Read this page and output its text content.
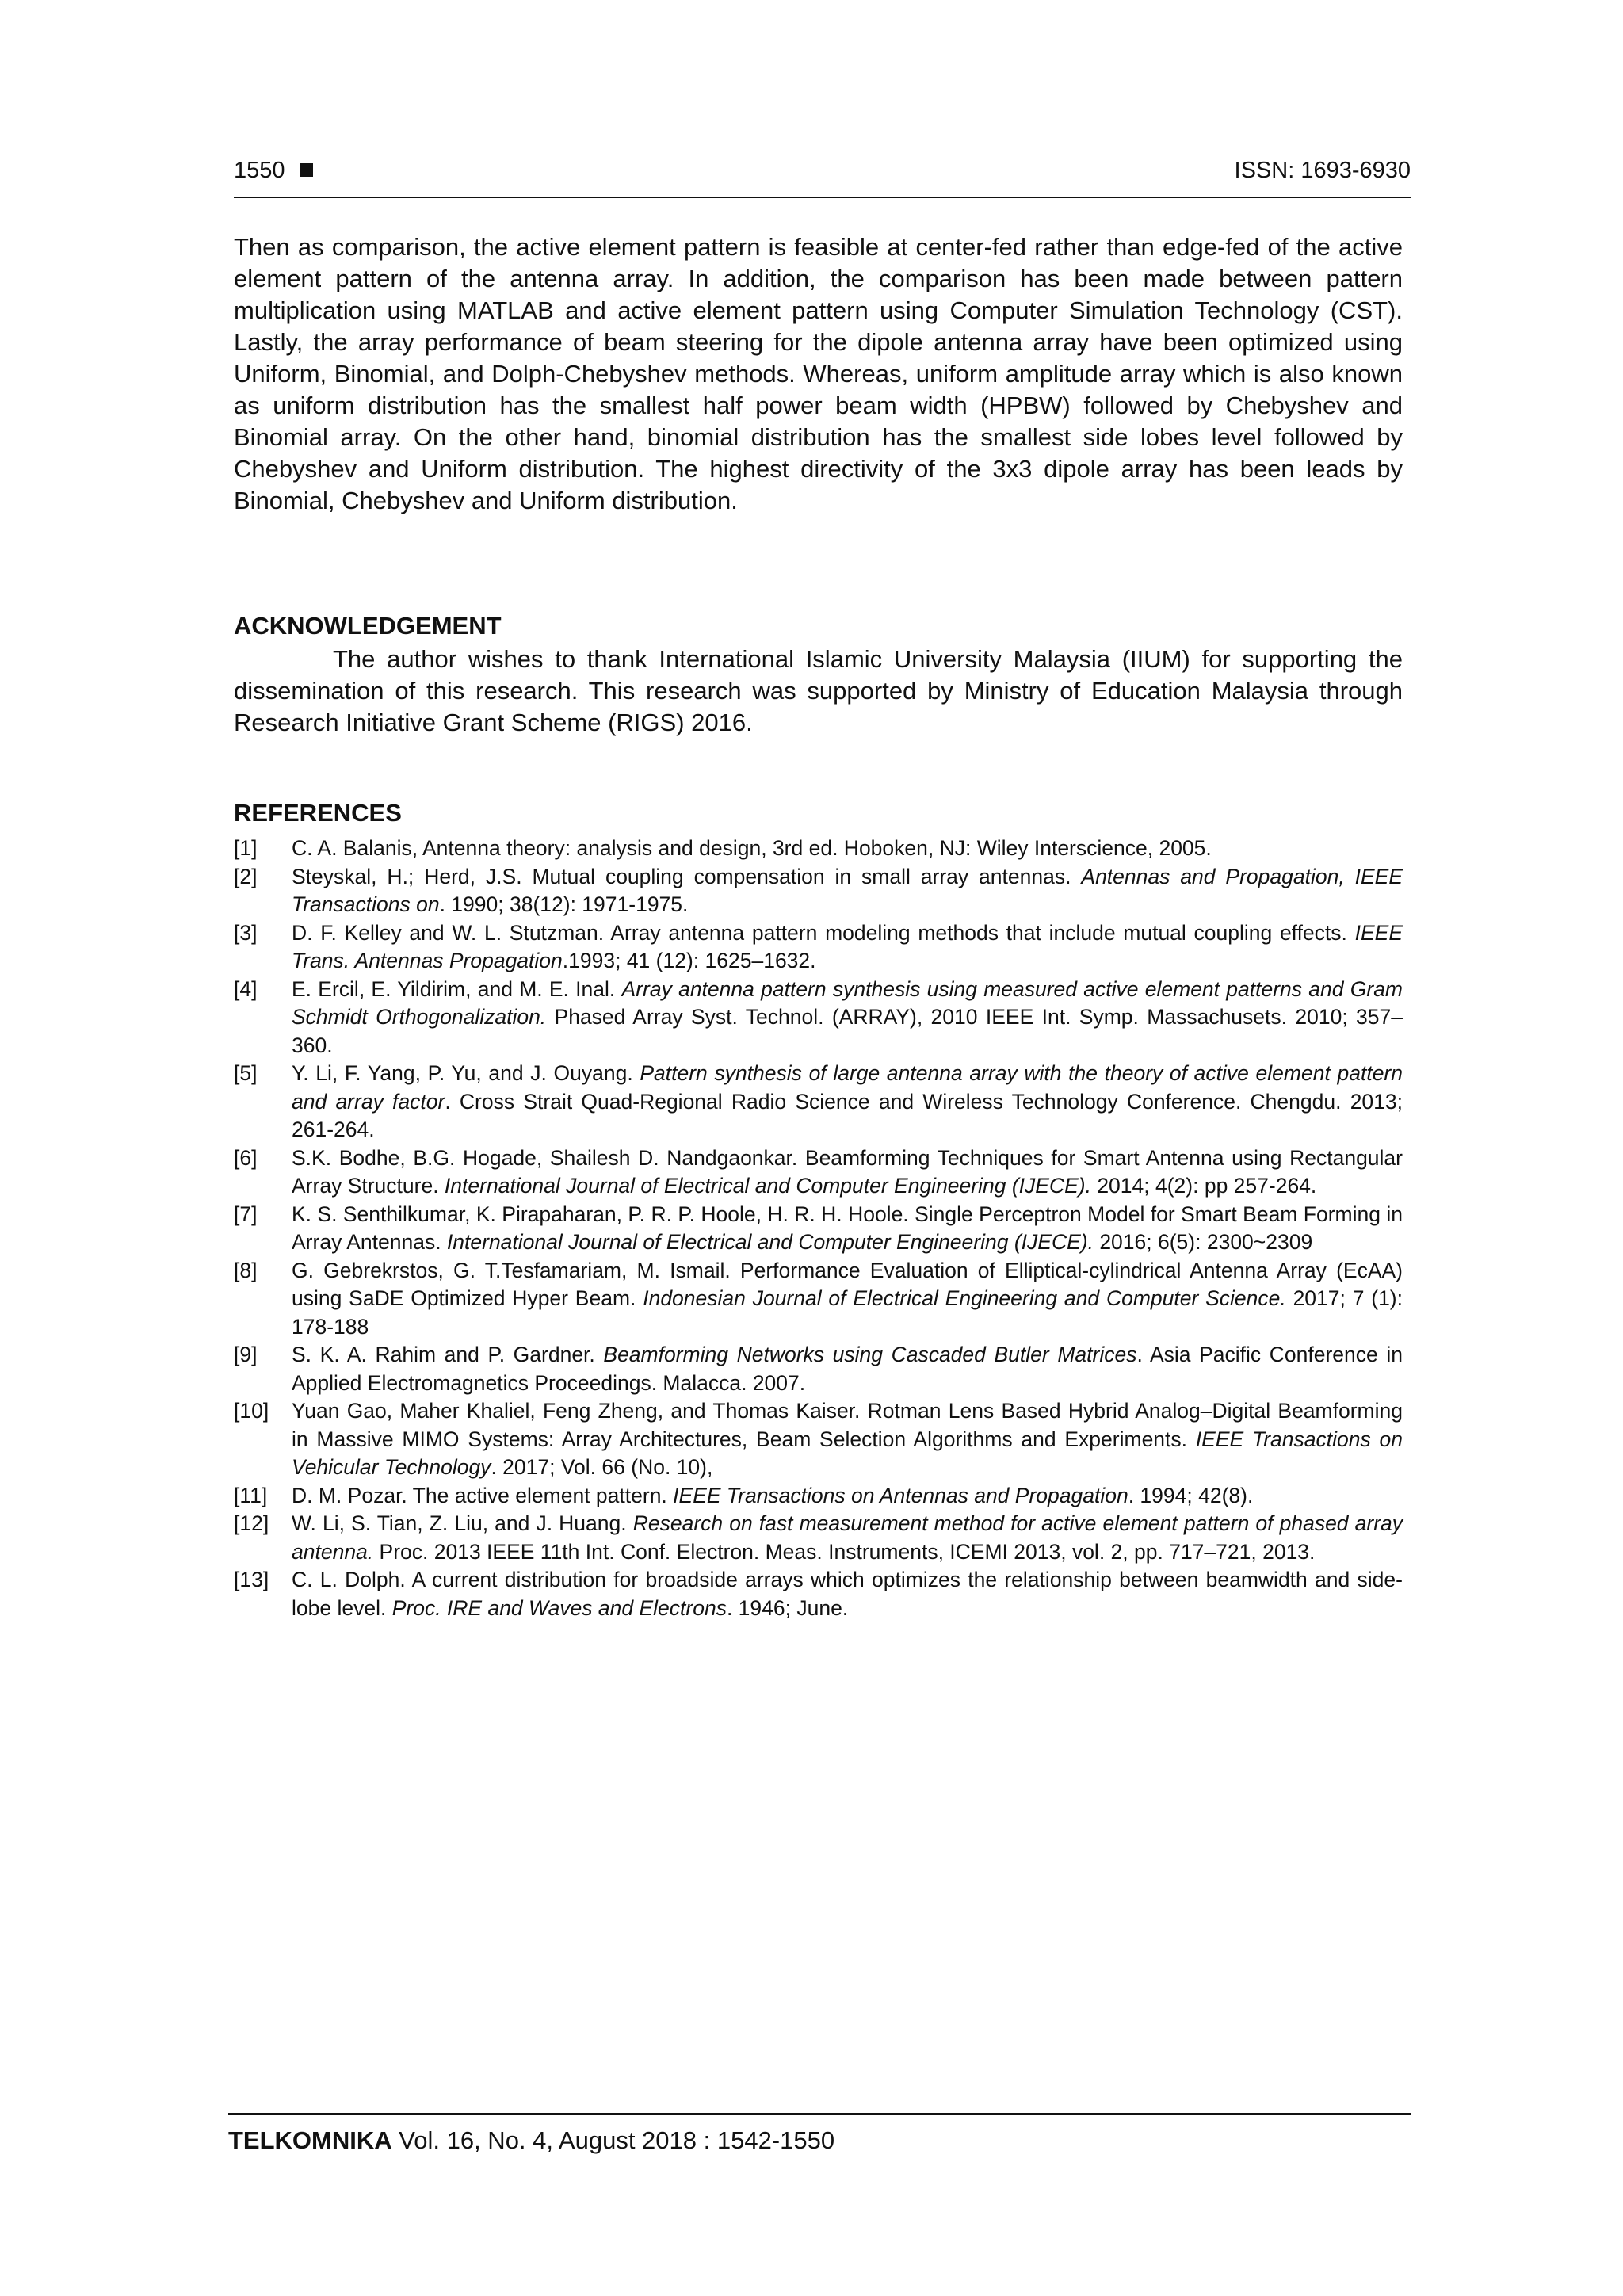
1550	ISSN: 1693-6930

Then as comparison, the active element pattern is feasible at center-fed rather than edge-fed of the active element pattern of the antenna array. In addition, the comparison has been made between pattern multiplication using MATLAB and active element pattern using Computer Simulation Technology (CST). Lastly, the array performance of beam steering for the dipole antenna array have been optimized using Uniform, Binomial, and Dolph-Chebyshev methods. Whereas, uniform amplitude array which is also known as uniform distribution has the smallest half power beam width (HPBW) followed by Chebyshev and Binomial array. On the other hand, binomial distribution has the smallest side lobes level followed by Chebyshev and Uniform distribution. The highest directivity of the 3x3 dipole array has been leads by Binomial, Chebyshev and Uniform distribution.

ACKNOWLEDGEMENT

The author wishes to thank International Islamic University Malaysia (IIUM) for supporting the dissemination of this research. This research was supported by Ministry of Education Malaysia through Research Initiative Grant Scheme (RIGS) 2016.

REFERENCES
[1] C. A. Balanis, Antenna theory: analysis and design, 3rd ed. Hoboken, NJ: Wiley Interscience, 2005.
[2] Steyskal, H.; Herd, J.S. Mutual coupling compensation in small array antennas. Antennas and Propagation, IEEE Transactions on. 1990; 38(12): 1971-1975.
[3] D. F. Kelley and W. L. Stutzman. Array antenna pattern modeling methods that include mutual coupling effects. IEEE Trans. Antennas Propagation.1993; 41 (12): 1625–1632.
[4] E. Ercil, E. Yildirim, and M. E. Inal. Array antenna pattern synthesis using measured active element patterns and Gram Schmidt Orthogonalization. Phased Array Syst. Technol. (ARRAY), 2010 IEEE Int. Symp. Massachusets. 2010; 357–360.
[5] Y. Li, F. Yang, P. Yu, and J. Ouyang. Pattern synthesis of large antenna array with the theory of active element pattern and array factor. Cross Strait Quad-Regional Radio Science and Wireless Technology Conference. Chengdu. 2013; 261-264.
[6] S.K. Bodhe, B.G. Hogade, Shailesh D. Nandgaonkar. Beamforming Techniques for Smart Antenna using Rectangular Array Structure. International Journal of Electrical and Computer Engineering (IJECE). 2014; 4(2): pp 257-264.
[7] K. S. Senthilkumar, K. Pirapaharan, P. R. P. Hoole, H. R. H. Hoole. Single Perceptron Model for Smart Beam Forming in Array Antennas. International Journal of Electrical and Computer Engineering (IJECE). 2016; 6(5): 2300~2309
[8] G. Gebrekrstos, G. T.Tesfamariam, M. Ismail. Performance Evaluation of Elliptical-cylindrical Antenna Array (EcAA) using SaDE Optimized Hyper Beam. Indonesian Journal of Electrical Engineering and Computer Science. 2017; 7 (1): 178-188
[9] S. K. A. Rahim and P. Gardner. Beamforming Networks using Cascaded Butler Matrices. Asia Pacific Conference in Applied Electromagnetics Proceedings. Malacca. 2007.
[10] Yuan Gao, Maher Khaliel, Feng Zheng, and Thomas Kaiser. Rotman Lens Based Hybrid Analog–Digital Beamforming in Massive MIMO Systems: Array Architectures, Beam Selection Algorithms and Experiments. IEEE Transactions on Vehicular Technology. 2017; Vol. 66 (No. 10),
[11] D. M. Pozar. The active element pattern. IEEE Transactions on Antennas and Propagation. 1994; 42(8).
[12] W. Li, S. Tian, Z. Liu, and J. Huang. Research on fast measurement method for active element pattern of phased array antenna. Proc. 2013 IEEE 11th Int. Conf. Electron. Meas. Instruments, ICEMI 2013, vol. 2, pp. 717–721, 2013.
[13] C. L. Dolph. A current distribution for broadside arrays which optimizes the relationship between beamwidth and side-lobe level. Proc. IRE and Waves and Electrons. 1946; June.
TELKOMNIKA Vol. 16, No. 4, August 2018 : 1542-1550
